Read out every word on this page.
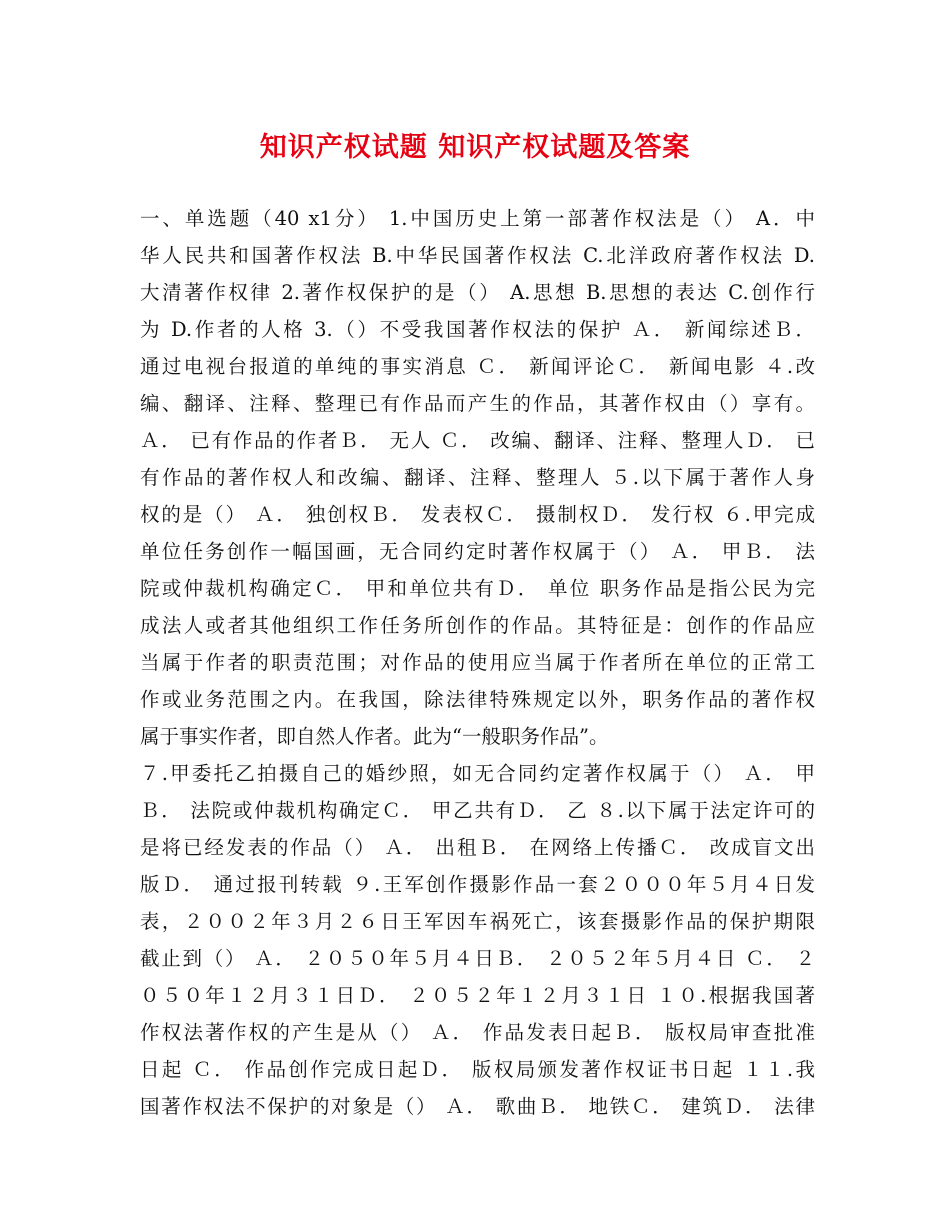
知识产权试题 知识产权试题及答案
一、单选题（40 x1分） 1.中国历史上第一部著作权法是（） A．中
华人民共和国著作权法 B.中华民国著作权法 C.北洋政府著作权法 D.
大清著作权律 2.著作权保护的是（） A.思想 B.思想的表达 C.创作行
为 D.作者的人格 3.（）不受我国著作权法的保护 Ａ． 新闻综述Ｂ．
通过电视台报道的单纯的事实消息 Ｃ． 新闻评论Ｃ． 新闻电影 ４.改
编、翻译、注释、整理已有作品而产生的作品，其著作权由（）享有。
Ａ． 已有作品的作者Ｂ． 无人 Ｃ． 改编、翻译、注释、整理人Ｄ． 已
有作品的著作权人和改编、翻译、注释、整理人 ５.以下属于著作人身
权的是（） Ａ． 独创权Ｂ． 发表权Ｃ． 摄制权Ｄ． 发行权 ６.甲完成
单位任务创作一幅国画，无合同约定时著作权属于（） Ａ． 甲Ｂ． 法
院或仲裁机构确定Ｃ． 甲和单位共有Ｄ． 单位 职务作品是指公民为完
成法人或者其他组织工作任务所创作的作品。其特征是：创作的作品应
当属于作者的职责范围；对作品的使用应当属于作者所在单位的正常工
作或业务范围之内。在我国，除法律特殊规定以外，职务作品的著作权
属于事实作者，即自然人作者。此为“一般职务作品”。
７.甲委托乙拍摄自己的婚纱照，如无合同约定著作权属于（） Ａ． 甲
Ｂ． 法院或仲裁机构确定Ｃ． 甲乙共有Ｄ． 乙 ８.以下属于法定许可的
是将已经发表的作品（） Ａ． 出租Ｂ． 在网络上传播Ｃ． 改成盲文出
版Ｄ． 通过报刊转载 ９.王军创作摄影作品一套２０００年５月４日发
表，２００２年３月２６日王军因车祸死亡，该套摄影作品的保护期限
截止到（） Ａ． ２０５０年５月４日Ｂ． ２０５２年５月４日 Ｃ． ２
０５０年１２月３１日Ｄ． ２０５２年１２月３１日 １０.根据我国著
作权法著作权的产生是从（） Ａ． 作品发表日起Ｂ． 版权局审查批准
日起 Ｃ． 作品创作完成日起Ｄ． 版权局颁发著作权证书日起 １１.我
国著作权法不保护的对象是（） Ａ． 歌曲Ｂ． 地铁Ｃ． 建筑Ｄ． 法律
